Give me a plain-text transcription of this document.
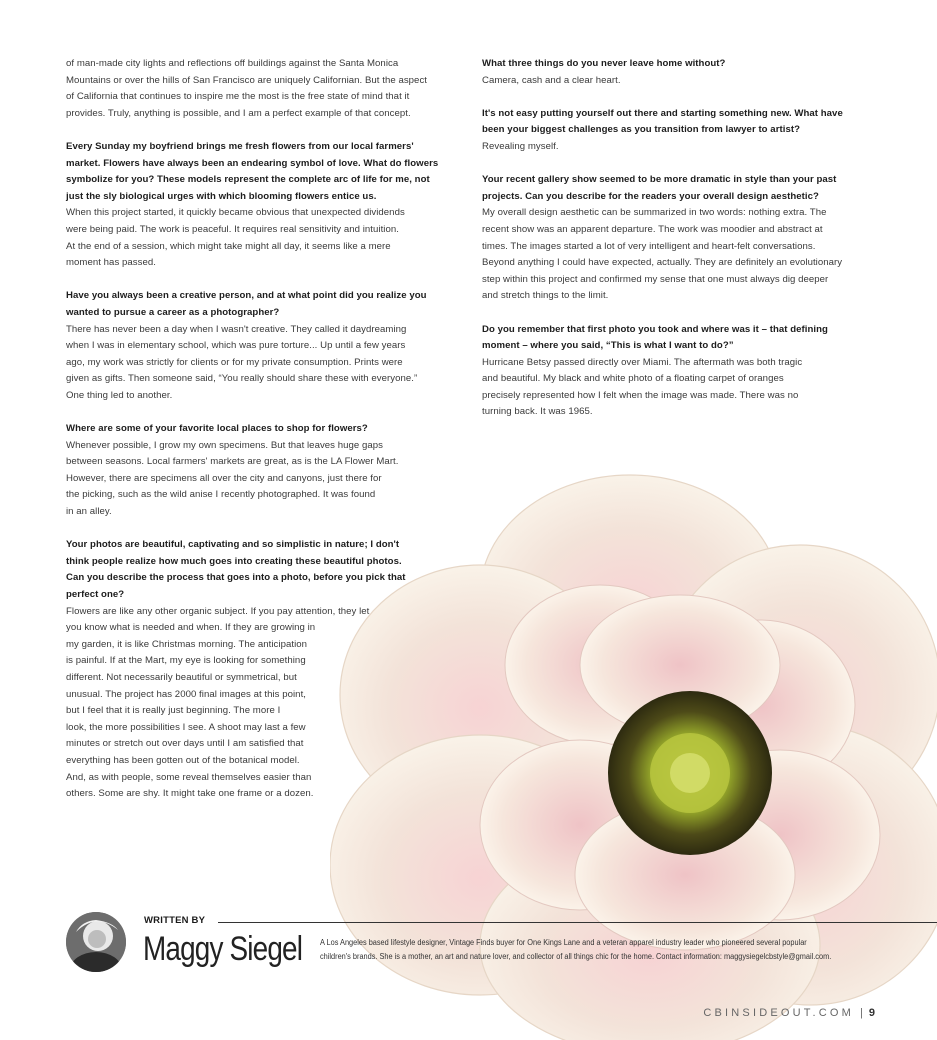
of man-made city lights and reflections off buildings against the Santa Monica
Mountains or over the hills of San Francisco are uniquely Californian. But the aspect
of California that continues to inspire me the most is the free state of mind that it
provides. Truly, anything is possible, and I am a perfect example of that concept.
Every Sunday my boyfriend brings me fresh flowers from our local farmers'
market. Flowers have always been an endearing symbol of love. What do flowers
symbolize for you? These models represent the complete arc of life for me, not
just the sly biological urges with which blooming flowers entice us.
When this project started, it quickly became obvious that unexpected dividends
were being paid. The work is peaceful. It requires real sensitivity and intuition.
At the end of a session, which might take might all day, it seems like a mere
moment has passed.
Have you always been a creative person, and at what point did you realize you
wanted to pursue a career as a photographer?
There has never been a day when I wasn't creative. They called it daydreaming
when I was in elementary school, which was pure torture... Up until a few years
ago, my work was strictly for clients or for my private consumption. Prints were
given as gifts. Then someone said, “You really should share these with everyone.”
One thing led to another.
Where are some of your favorite local places to shop for flowers?
Whenever possible, I grow my own specimens. But that leaves huge gaps
between seasons. Local farmers' markets are great, as is the LA Flower Mart.
However, there are specimens all over the city and canyons, just there for
the picking, such as the wild anise I recently photographed. It was found
in an alley.
Your photos are beautiful, captivating and so simplistic in nature; I don't
think people realize how much goes into creating these beautiful photos.
Can you describe the process that goes into a photo, before you pick that
perfect one?
Flowers are like any other organic subject. If you pay attention, they let
you know what is needed and when. If they are growing in
my garden, it is like Christmas morning. The anticipation
is painful. If at the Mart, my eye is looking for something
different. Not necessarily beautiful or symmetrical, but
unusual. The project has 2000 final images at this point,
but I feel that it is really just beginning. The more I
look, the more possibilities I see. A shoot may last a few
minutes or stretch out over days until I am satisfied that
everything has been gotten out of the botanical model.
And, as with people, some reveal themselves easier than
others. Some are shy. It might take one frame or a dozen.
What three things do you never leave home without?
Camera, cash and a clear heart.
It's not easy putting yourself out there and starting something new. What have
been your biggest challenges as you transition from lawyer to artist?
Revealing myself.
Your recent gallery show seemed to be more dramatic in style than your past
projects. Can you describe for the readers your overall design aesthetic?
My overall design aesthetic can be summarized in two words: nothing extra. The
recent show was an apparent departure. The work was moodier and abstract at
times. The images started a lot of very intelligent and heart-felt conversations.
Beyond anything I could have expected, actually. They are definitely an evolutionary
step within this project and confirmed my sense that one must always dig deeper
and stretch things to the limit.
Do you remember that first photo you took and where was it – that defining
moment – where you said, “This is what I want to do?”
Hurricane Betsy passed directly over Miami. The aftermath was both tragic
and beautiful. My black and white photo of a floating carpet of oranges
precisely represented how I felt when the image was made. There was no
turning back. It was 1965.
WRITTEN BY
Maggy Siegel A Los Angeles based lifestyle designer, Vintage Finds buyer for One Kings Lane and a veteran apparel industry leader who pioneered several popular
children's brands. She is a mother, an art and nature lover, and collector of all things chic for the home. Contact information: maggysiegelcbstyle@gmail.com.
CBINSIDEOUT.COM | 9
